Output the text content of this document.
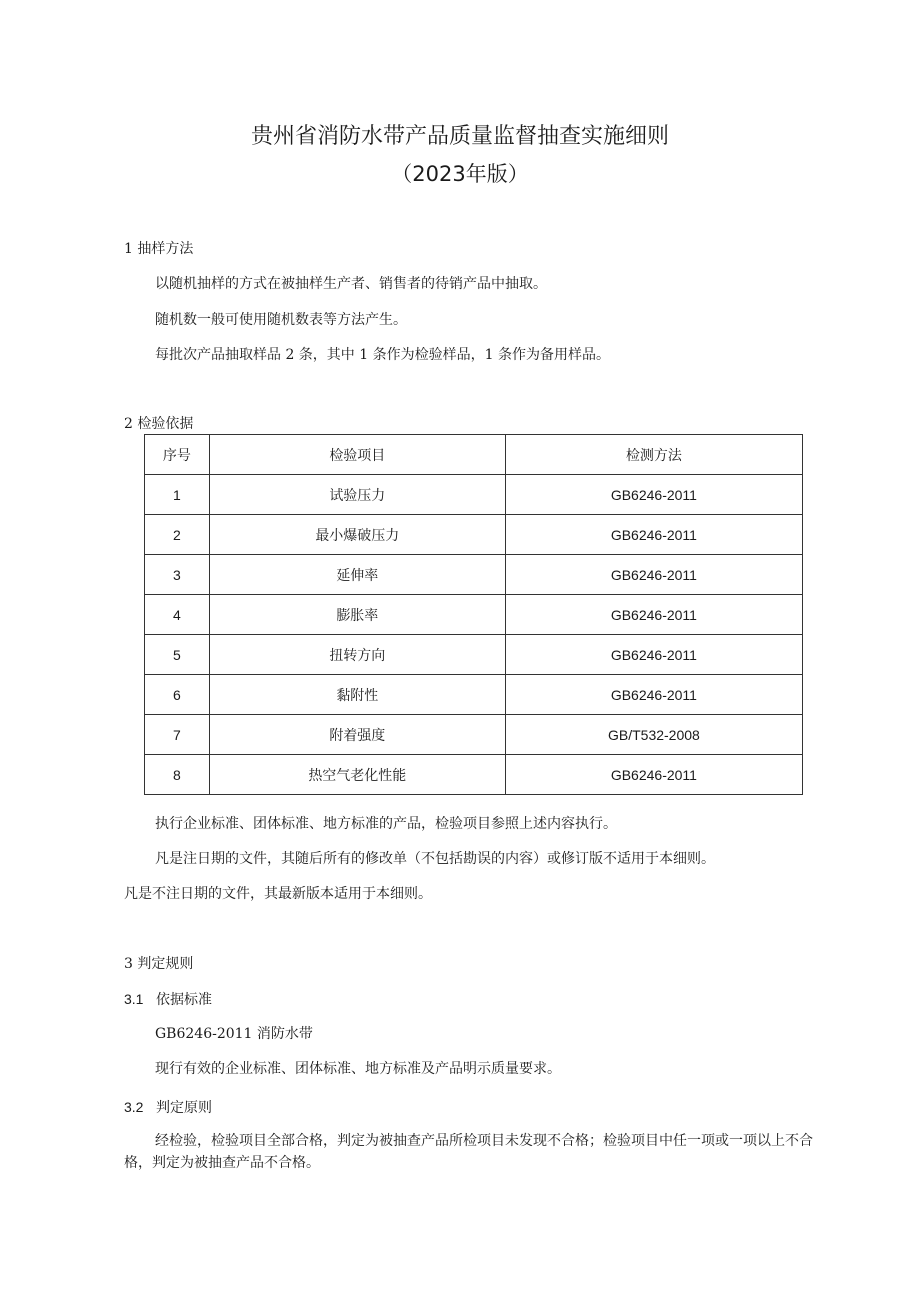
贵州省消防水带产品质量监督抽查实施细则
（2023年版）
1 抽样方法
以随机抽样的方式在被抽样生产者、销售者的待销产品中抽取。
随机数一般可使用随机数表等方法产生。
每批次产品抽取样品 2 条，其中 1 条作为检验样品，1 条作为备用样品。
2 检验依据
序号	检验项目	检测方法
1	试验压力	GB6246-2011
2	最小爆破压力	GB6246-2011
3	延伸率	GB6246-2011
4	膨胀率	GB6246-2011
5	扭转方向	GB6246-2011
6	黏附性	GB6246-2011
7	附着强度	GB/T532-2008
8	热空气老化性能	GB6246-2011
执行企业标准、团体标准、地方标准的产品，检验项目参照上述内容执行。
凡是注日期的文件，其随后所有的修改单（不包括勘误的内容）或修订版不适用于本细则。
凡是不注日期的文件，其最新版本适用于本细则。
3 判定规则
3.1 依据标准
GB6246-2011 消防水带
现行有效的企业标准、团体标准、地方标准及产品明示质量要求。
3.2 判定原则

经检验，检验项目全部合格，判定为被抽查产品所检项目未发现不合格；检验项目中任一项或一项以上不合格，判定为被抽查产品不合格。
